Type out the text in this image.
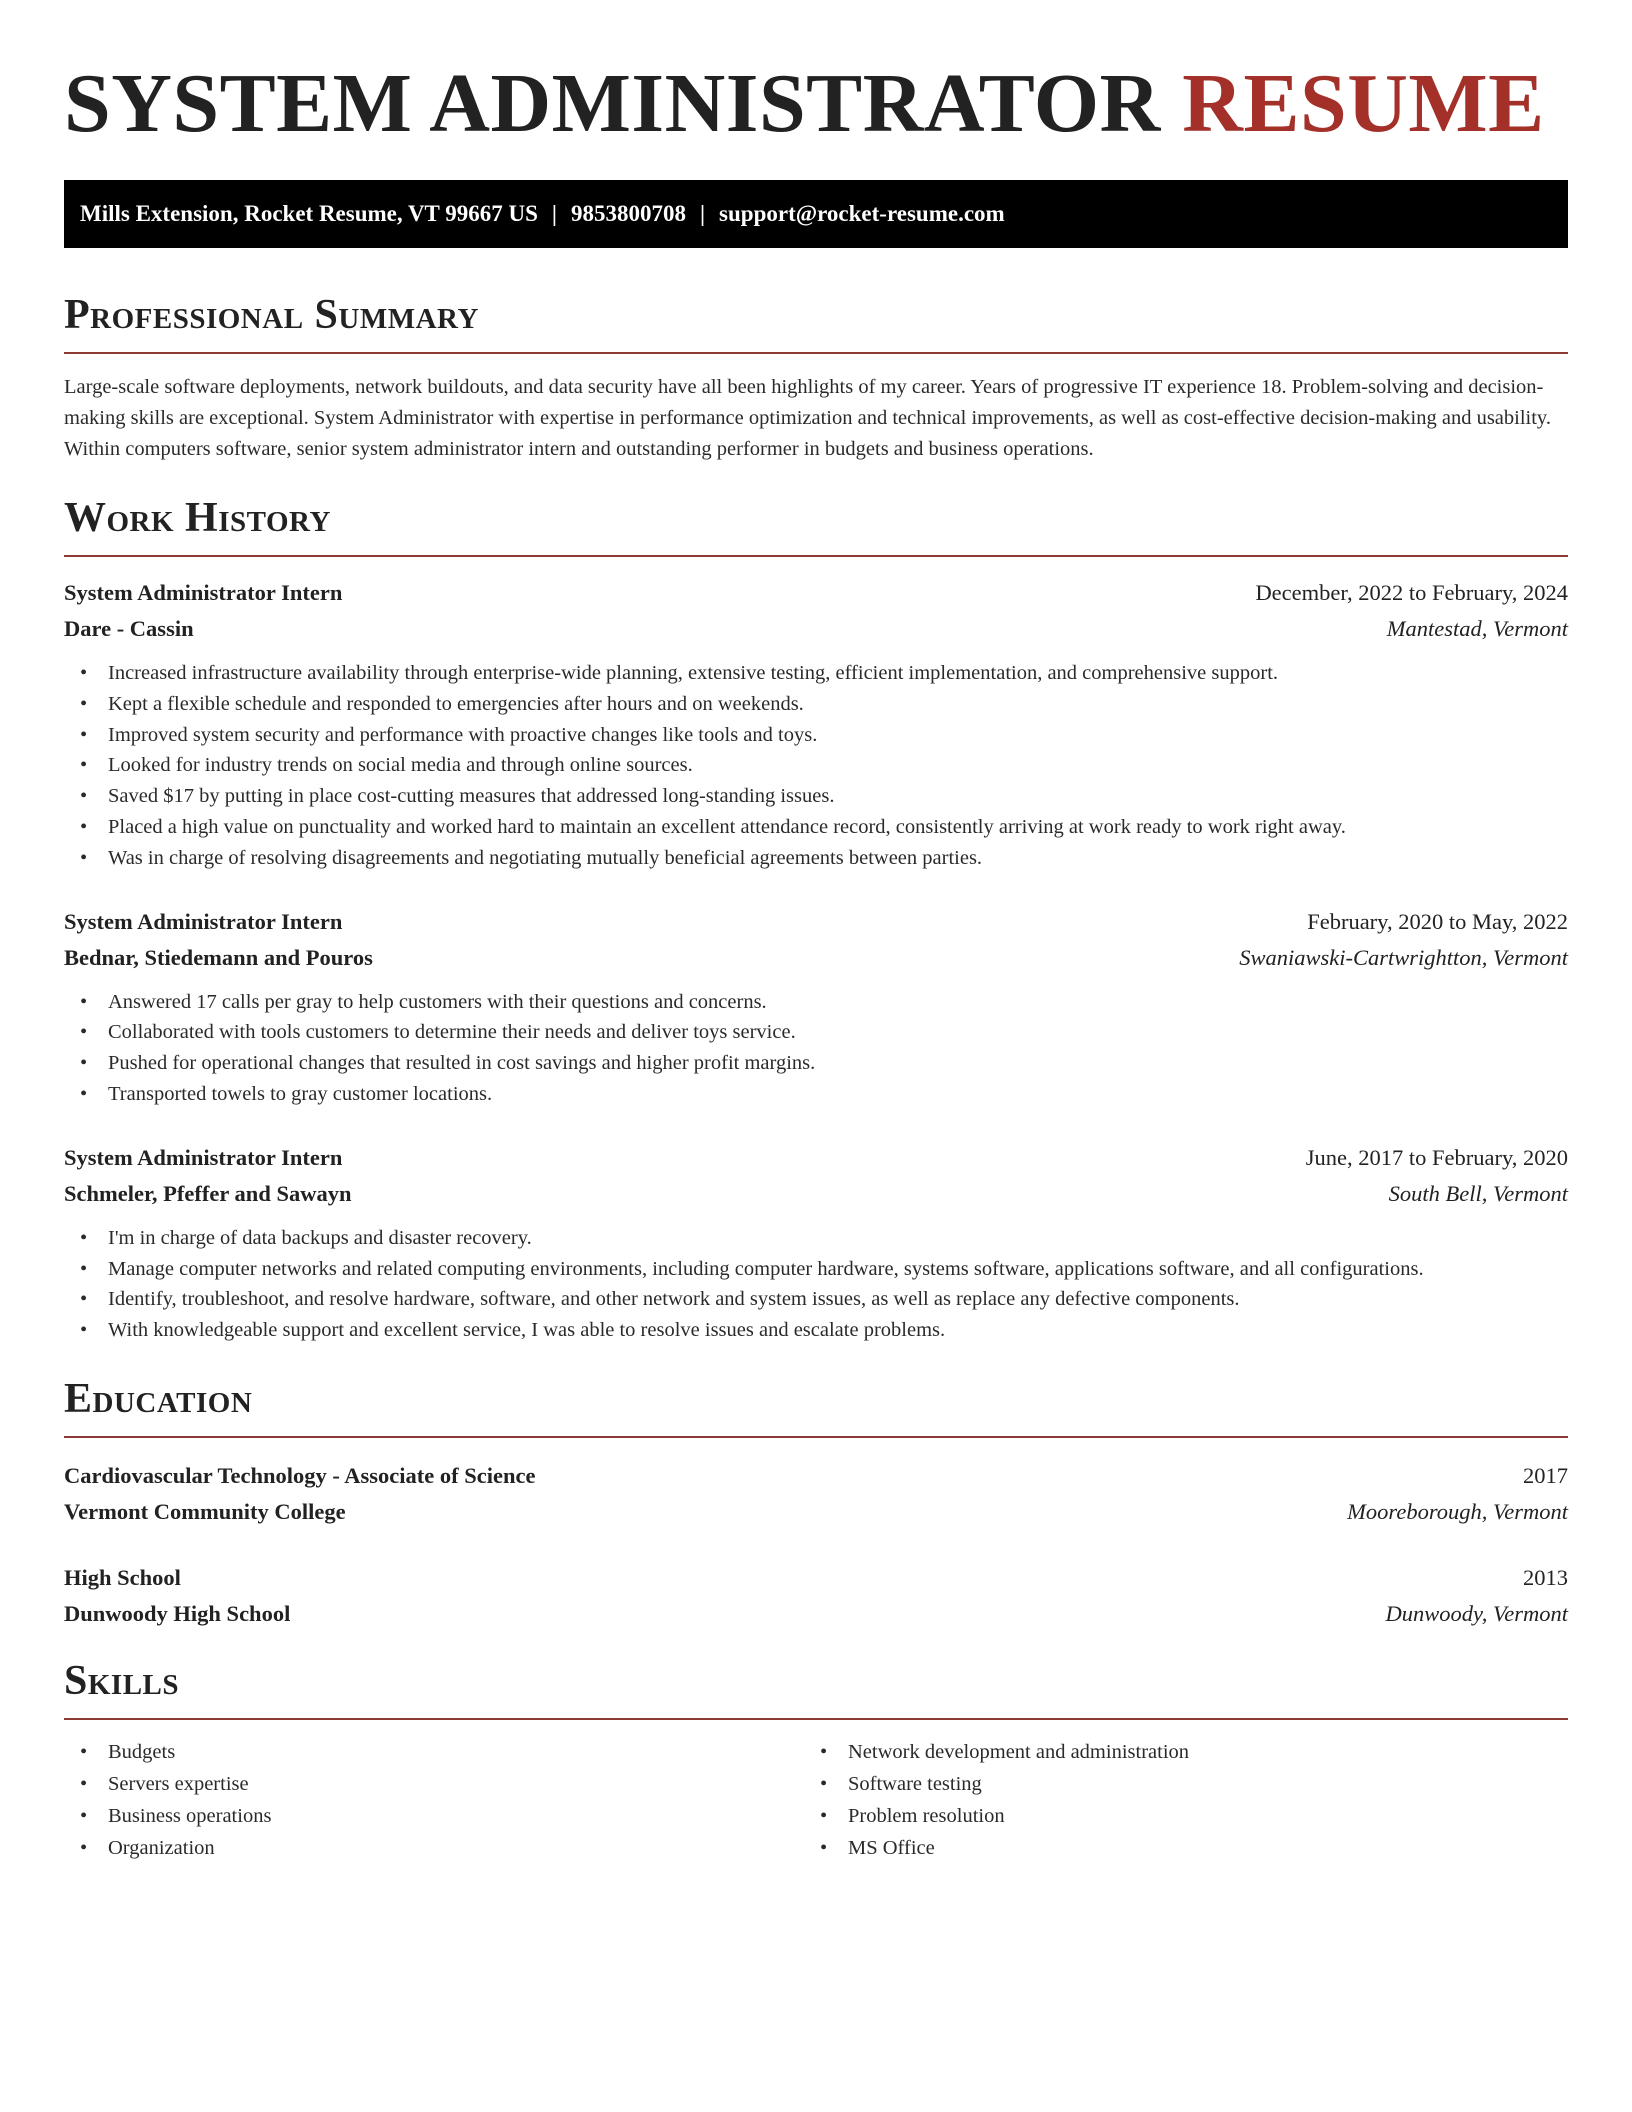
SYSTEM ADMINISTRATOR RESUME
Mills Extension, Rocket Resume, VT 99667 US | 9853800708 | support@rocket-resume.com
Professional Summary

Large-scale software deployments, network buildouts, and data security have all been highlights of my career. Years of progressive IT experience 18. Problem-solving and decision-making skills are exceptional. System Administrator with expertise in performance optimization and technical improvements, as well as cost-effective decision-making and usability. Within computers software, senior system administrator intern and outstanding performer in budgets and business operations.

Work History
System Administrator Intern	December, 2022 to February, 2024
Dare - Cassin	Mantestad, Vermont
• Increased infrastructure availability through enterprise-wide planning, extensive testing, efficient implementation, and comprehensive support.
• Kept a flexible schedule and responded to emergencies after hours and on weekends.
• Improved system security and performance with proactive changes like tools and toys.
• Looked for industry trends on social media and through online sources.
• Saved $17 by putting in place cost-cutting measures that addressed long-standing issues.
• Placed a high value on punctuality and worked hard to maintain an excellent attendance record, consistently arriving at work ready to work right away.
• Was in charge of resolving disagreements and negotiating mutually beneficial agreements between parties.
System Administrator Intern	February, 2020 to May, 2022
Bednar, Stiedemann and Pouros	Swaniawski-Cartwrightton, Vermont
• Answered 17 calls per gray to help customers with their questions and concerns.
• Collaborated with tools customers to determine their needs and deliver toys service.
• Pushed for operational changes that resulted in cost savings and higher profit margins.
• Transported towels to gray customer locations.
System Administrator Intern	June, 2017 to February, 2020
Schmeler, Pfeffer and Sawayn	South Bell, Vermont
• I'm in charge of data backups and disaster recovery.
• Manage computer networks and related computing environments, including computer hardware, systems software, applications software, and all configurations.
• Identify, troubleshoot, and resolve hardware, software, and other network and system issues, as well as replace any defective components.
• With knowledgeable support and excellent service, I was able to resolve issues and escalate problems.
Education
Cardiovascular Technology - Associate of Science	2017
Vermont Community College	Mooreborough, Vermont
High School	2013
Dunwoody High School	Dunwoody, Vermont
Skills
• Budgets
• Servers expertise
• Business operations
• Organization
• Network development and administration
• Software testing
• Problem resolution
• MS Office
